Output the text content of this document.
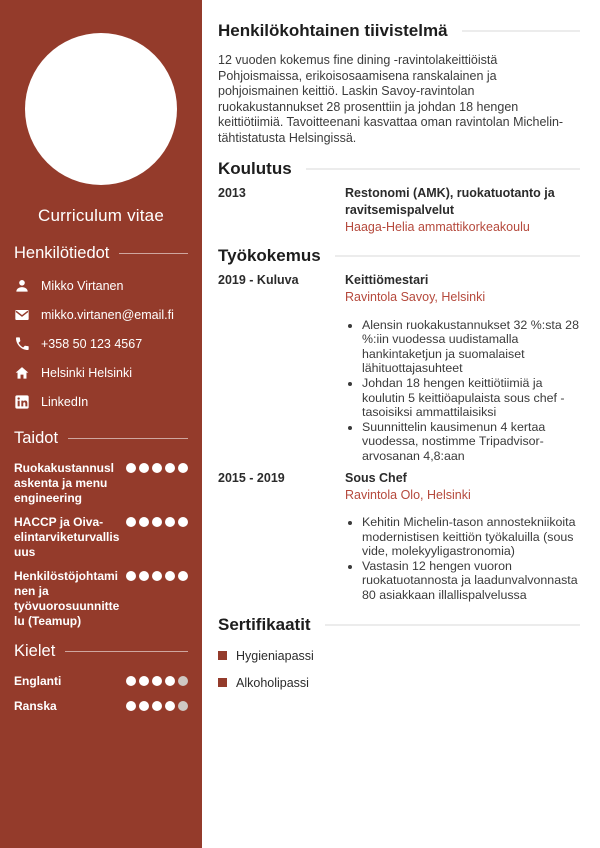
Curriculum vitae
Henkilötiedot
Mikko Virtanen
mikko.virtanen@email.fi
+358 50 123 4567
Helsinki Helsinki
LinkedIn
Taidot
Ruokakustannuslaskenta ja menu engineering
HACCP ja Oiva-elintarviketurvallisuus
Henkilöstöjohtaminen ja työvuorosuunnittelu (Teamup)
Kielet
Englanti
Ranska
Henkilökohtainen tiivistelmä

12 vuoden kokemus fine dining -ravintolakeittiöistä Pohjoismaissa, erikoisosaamisena ranskalainen ja pohjoismainen keittiö. Laskin Savoy-ravintolan ruokakustannukset 28 prosenttiin ja johdan 18 hengen keittiötiimiä. Tavoitteenani kasvattaa oman ravintolan Michelin-tähtistatusta Helsingissä.

Koulutus
2013	Restonomi (AMK), ruokatuotanto ja ravitsemispalvelut
Haaga-Helia ammattikorkeakoulu
Työkokemus
2019 - Kuluva	Keittiömestari
Ravintola Savoy, Helsinki
• Alensin ruokakustannukset 32 %:sta 28 %:iin vuodessa uudistamalla hankintaketjun ja suomalaiset lähituottajasuhteet
• Johdan 18 hengen keittiötiimiä ja koulutin 5 keittiöapulaista sous chef -tasoisiksi ammattilaisiksi
• Suunnittelin kausimenun 4 kertaa vuodessa, nostimme Tripadvisor-arvosanan 4,8:aan
2015 - 2019	Sous Chef
Ravintola Olo, Helsinki
• Kehitin Michelin-tason annostekniikoita modernistisen keittiön työkaluilla (sous vide, molekyyligastronomia)
• Vastasin 12 hengen vuoron ruokatuotannosta ja laadunvalvonnasta 80 asiakkaan illallispalvelussa
Sertifikaatit
Hygieniapassi
Alkoholipassi
